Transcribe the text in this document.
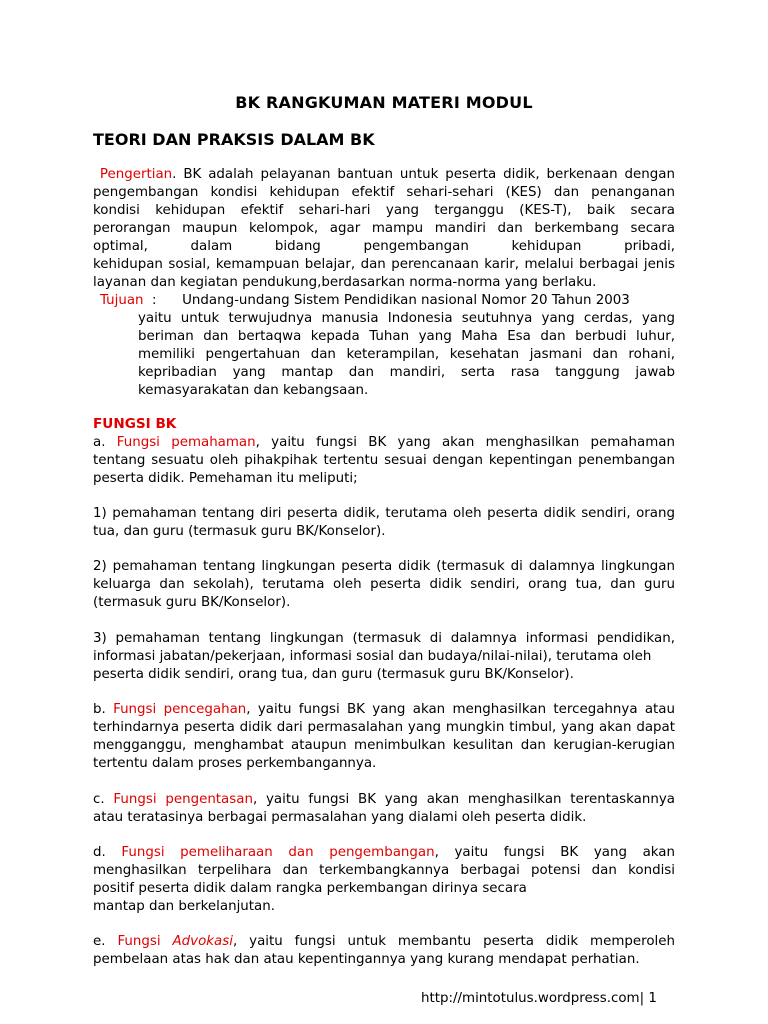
BK RANGKUMAN MATERI MODUL
TEORI DAN PRAKSIS DALAM BK
Pengertian. BK adalah pelayanan bantuan untuk peserta didik, berkenaan dengan
pengembangan kondisi kehidupan efektif sehari-sehari (KES) dan penanganan
kondisi kehidupan efektif sehari-hari yang terganggu (KES-T), baik secara
perorangan maupun kelompok, agar mampu mandiri dan berkembang secara
optimal, dalam bidang pengembangan kehidupan pribadi,
kehidupan sosial, kemampuan belajar, dan perencanaan karir, melalui berbagai jenis
layanan dan kegiatan pendukung,berdasarkan norma-norma yang berlaku.
Tujuan : Undang-undang Sistem Pendidikan nasional Nomor 20 Tahun 2003
yaitu untuk terwujudnya manusia Indonesia seutuhnya yang cerdas, yang
beriman dan bertaqwa kepada Tuhan yang Maha Esa dan berbudi luhur,
memiliki pengertahuan dan keterampilan, kesehatan jasmani dan rohani,
kepribadian yang mantap dan mandiri, serta rasa tanggung jawab
kemasyarakatan dan kebangsaan.
FUNGSI BK
a. Fungsi pemahaman, yaitu fungsi BK yang akan menghasilkan pemahaman
tentang sesuatu oleh pihakpihak tertentu sesuai dengan kepentingan penembangan
peserta didik. Pemehaman itu meliputi;
1) pemahaman tentang diri peserta didik, terutama oleh peserta didik sendiri, orang
tua, dan guru (termasuk guru BK/Konselor).
2) pemahaman tentang lingkungan peserta didik (termasuk di dalamnya lingkungan
keluarga dan sekolah), terutama oleh peserta didik sendiri, orang tua, dan guru
(termasuk guru BK/Konselor).
3) pemahaman tentang lingkungan (termasuk di dalamnya informasi pendidikan,
informasi jabatan/pekerjaan, informasi sosial dan budaya/nilai-nilai), terutama oleh
peserta didik sendiri, orang tua, dan guru (termasuk guru BK/Konselor).
b. Fungsi pencegahan, yaitu fungsi BK yang akan menghasilkan tercegahnya atau
terhindarnya peserta didik dari permasalahan yang mungkin timbul, yang akan dapat
mengganggu, menghambat ataupun menimbulkan kesulitan dan kerugian-kerugian
tertentu dalam proses perkembangannya.
c. Fungsi pengentasan, yaitu fungsi BK yang akan menghasilkan terentaskannya
atau teratasinya berbagai permasalahan yang dialami oleh peserta didik.
d. Fungsi pemeliharaan dan pengembangan, yaitu fungsi BK yang akan
menghasilkan terpelihara dan terkembangkannya berbagai potensi dan kondisi
positif peserta didik dalam rangka perkembangan dirinya secara
mantap dan berkelanjutan.
e. Fungsi Advokasi, yaitu fungsi untuk membantu peserta didik memperoleh
pembelaan atas hak dan atau kepentingannya yang kurang mendapat perhatian.
http://mintotulus.wordpress.com| 1
